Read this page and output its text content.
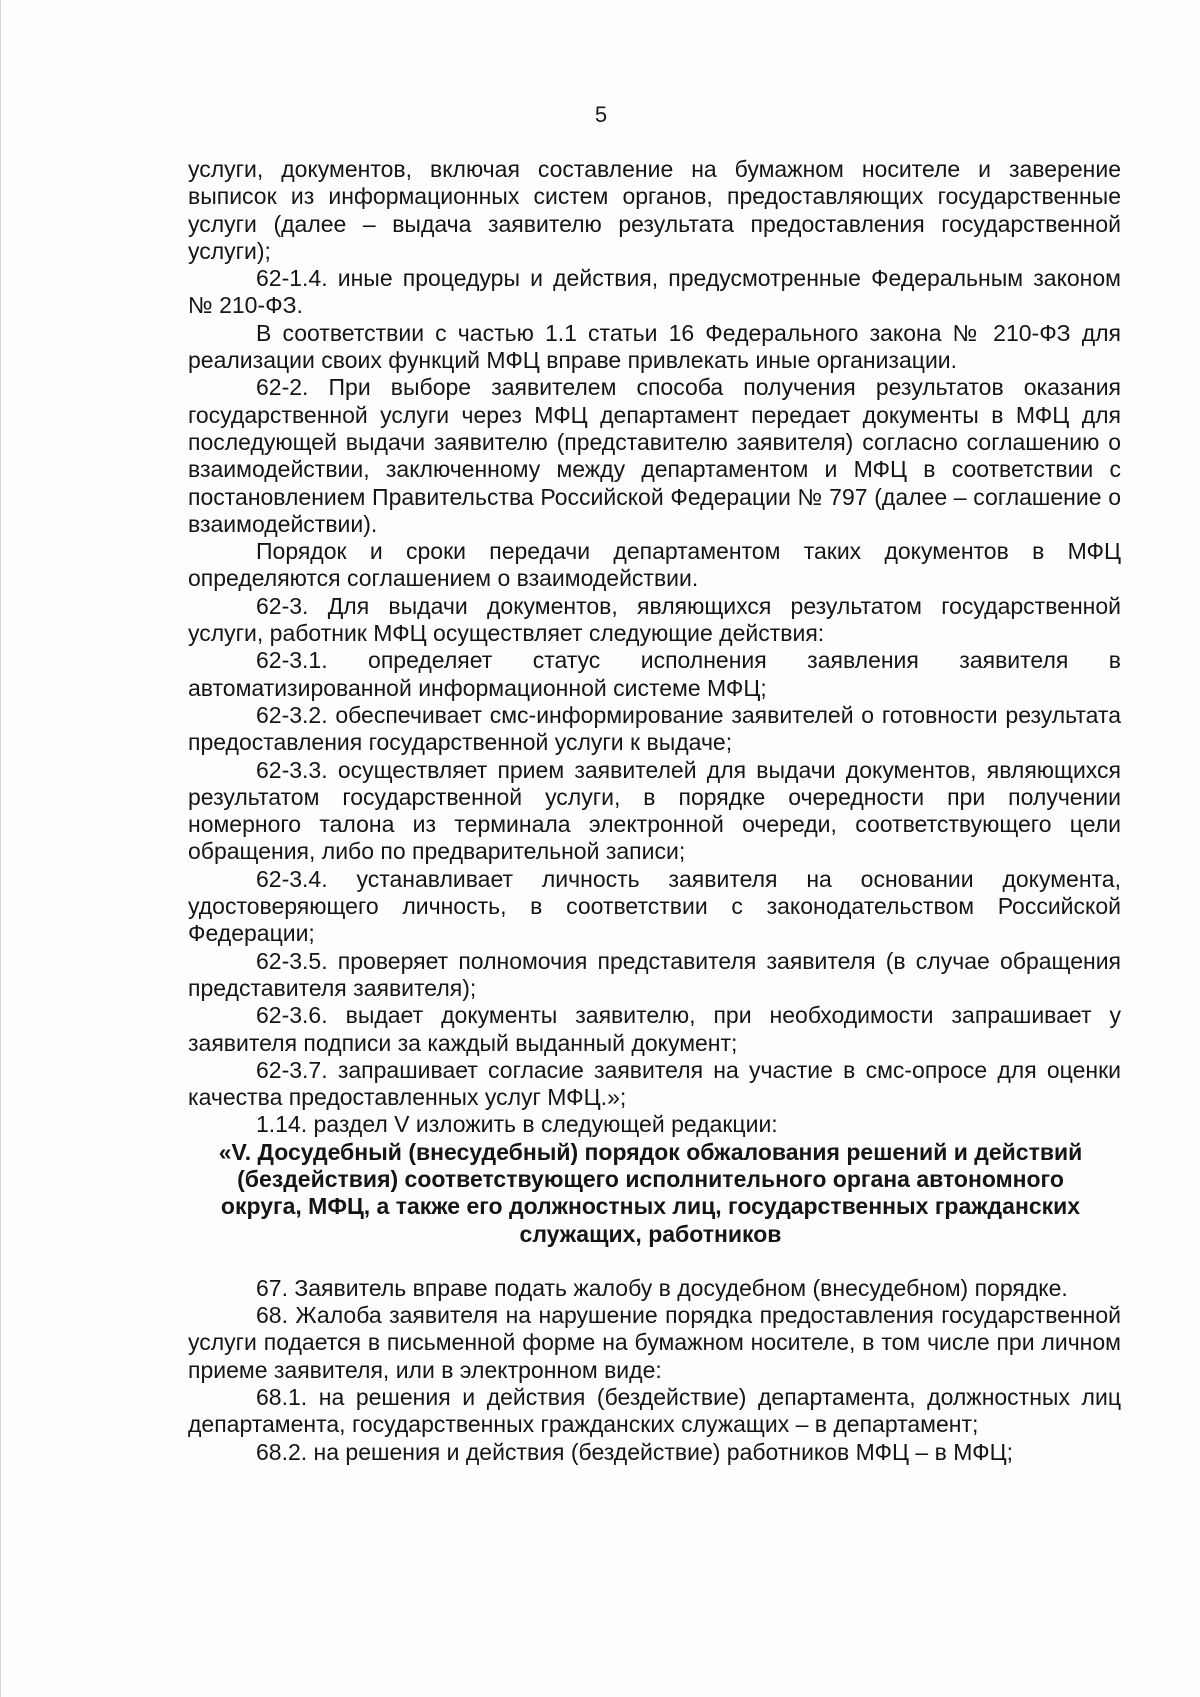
5

услуги, документов, включая составление на бумажном носителе и заверение выписок из информационных систем органов, предоставляющих государственные услуги (далее – выдача заявителю результата предоставления государственной услуги);

62-1.4. иные процедуры и действия, предусмотренные Федеральным законом № 210-ФЗ.

В соответствии с частью 1.1 статьи 16 Федерального закона № 210-ФЗ для реализации своих функций МФЦ вправе привлекать иные организации.

62-2. При выборе заявителем способа получения результатов оказания государственной услуги через МФЦ департамент передает документы в МФЦ для последующей выдачи заявителю (представителю заявителя) согласно соглашению о взаимодействии, заключенному между департаментом и МФЦ в соответствии с постановлением Правительства Российской Федерации № 797 (далее – соглашение о взаимодействии).

Порядок и сроки передачи департаментом таких документов в МФЦ определяются соглашением о взаимодействии.

62-3. Для выдачи документов, являющихся результатом государственной услуги, работник МФЦ осуществляет следующие действия:

62-3.1. определяет статус исполнения заявления заявителя в автоматизированной информационной системе МФЦ;

62-3.2. обеспечивает смс-информирование заявителей о готовности результата предоставления государственной услуги к выдаче;

62-3.3. осуществляет прием заявителей для выдачи документов, являющихся результатом государственной услуги, в порядке очередности при получении номерного талона из терминала электронной очереди, соответствующего цели обращения, либо по предварительной записи;

62-3.4. устанавливает личность заявителя на основании документа, удостоверяющего личность, в соответствии с законодательством Российской Федерации;

62-3.5. проверяет полномочия представителя заявителя (в случае обращения представителя заявителя);

62-3.6. выдает документы заявителю, при необходимости запрашивает у заявителя подписи за каждый выданный документ;

62-3.7. запрашивает согласие заявителя на участие в смс-опросе для оценки качества предоставленных услуг МФЦ.»;

1.14. раздел V изложить в следующей редакции:

«V. Досудебный (внесудебный) порядок обжалования решений и действий (бездействия) соответствующего исполнительного органа автономного округа, МФЦ, а также его должностных лиц, государственных гражданских служащих, работников

67. Заявитель вправе подать жалобу в досудебном (внесудебном) порядке.

68. Жалоба заявителя на нарушение порядка предоставления государственной услуги подается в письменной форме на бумажном носителе, в том числе при личном приеме заявителя, или в электронном виде:

68.1. на решения и действия (бездействие) департамента, должностных лиц департамента, государственных гражданских служащих – в департамент;

68.2. на решения и действия (бездействие) работников МФЦ – в МФЦ;
